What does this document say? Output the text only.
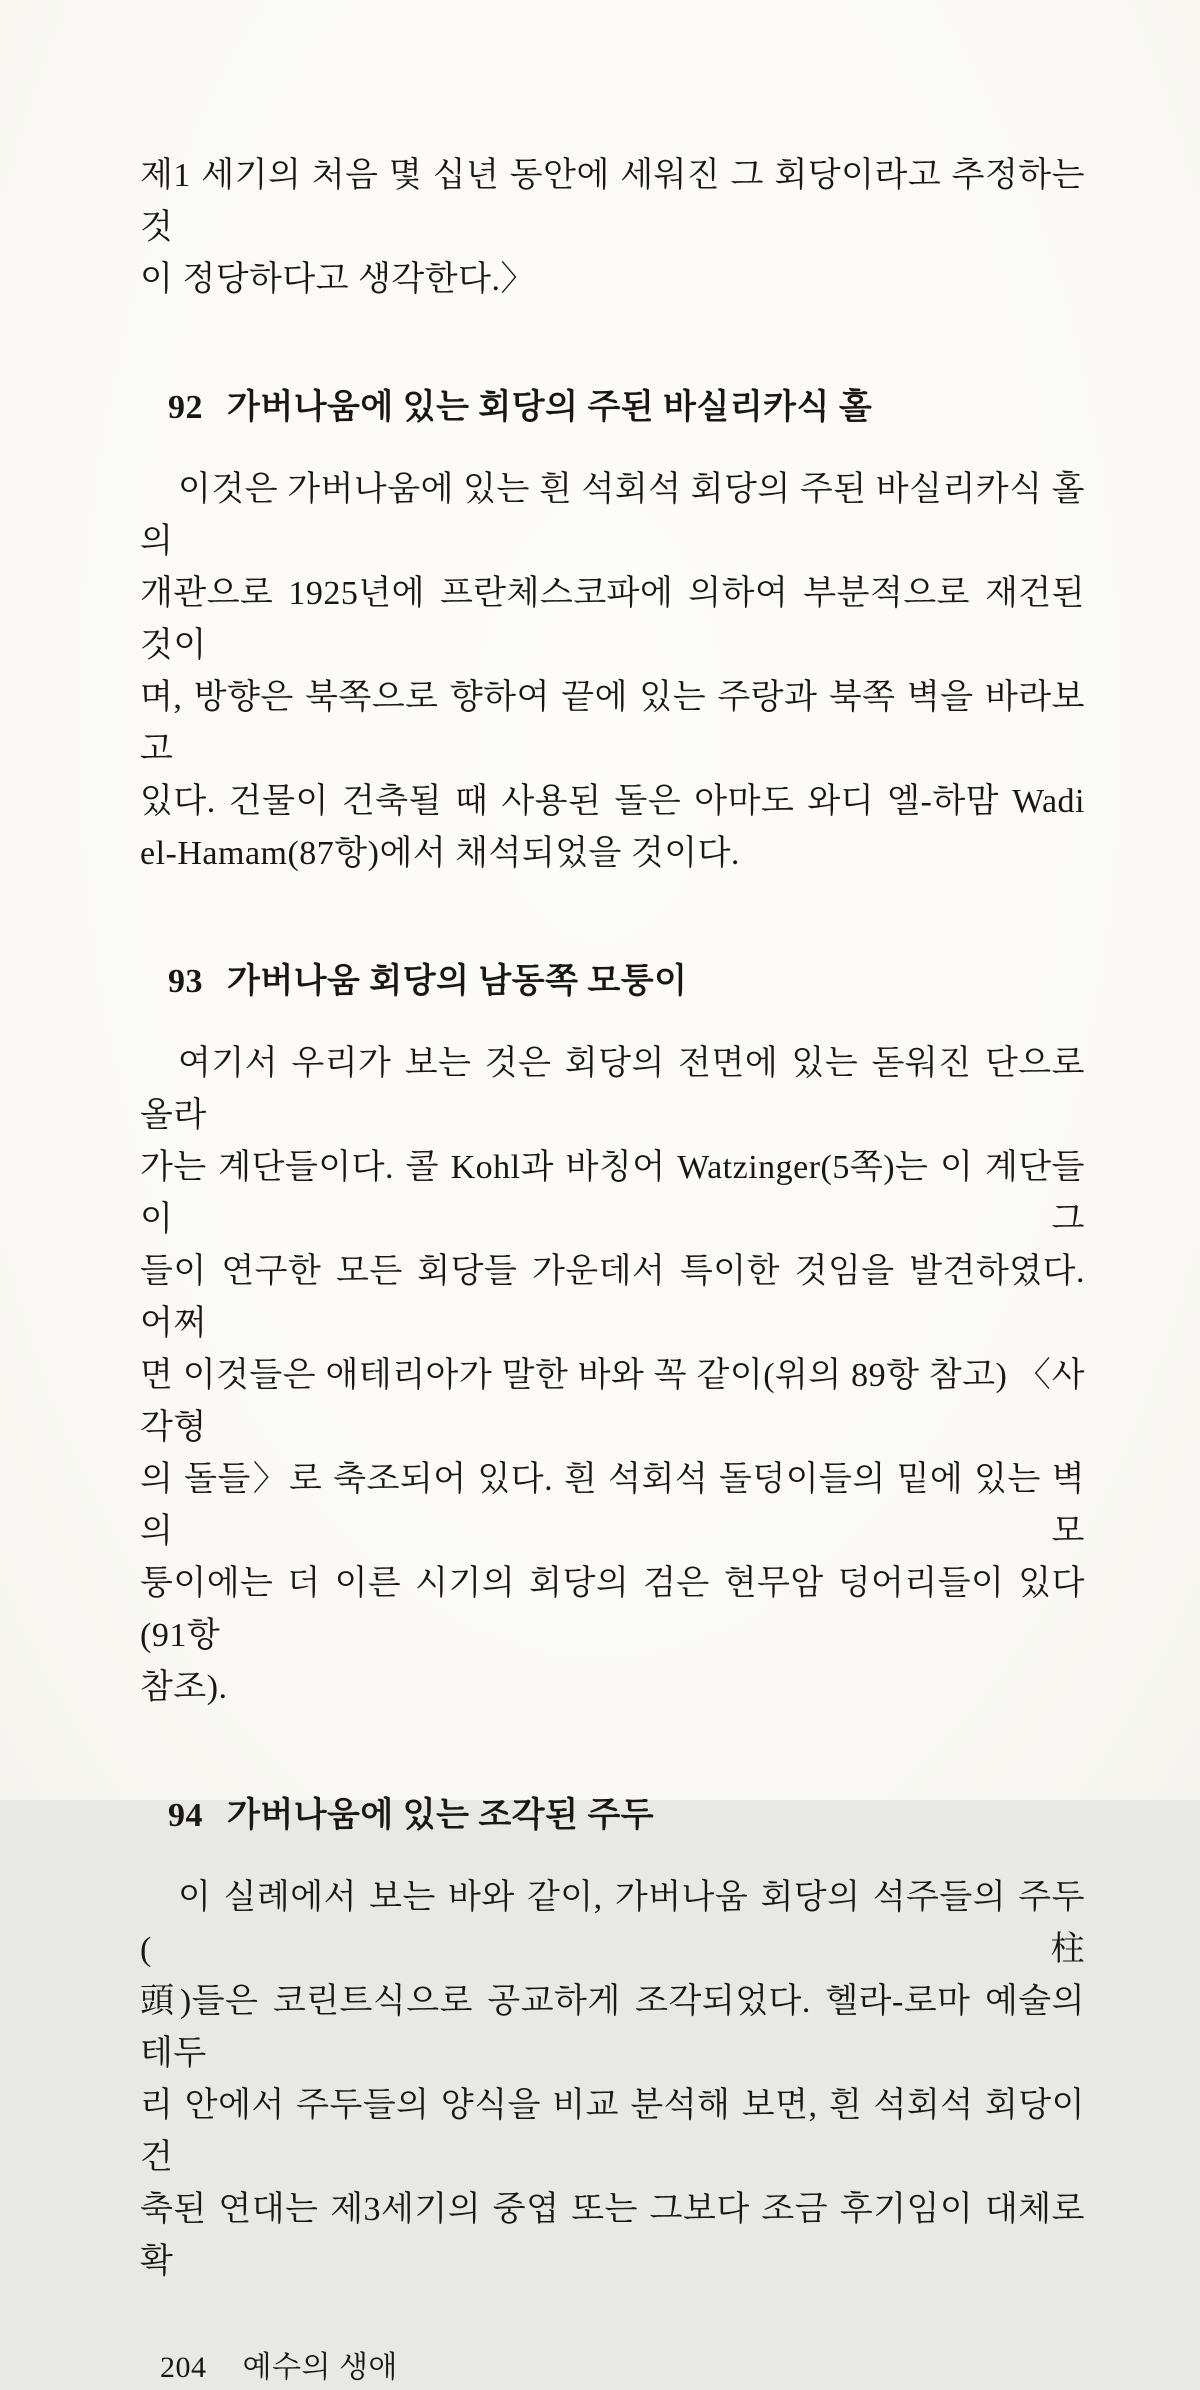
제1 세기의 처음 몇 십년 동안에 세워진 그 회당이라고 추정하는 것
이 정당하다고 생각한다.〉
92 가버나움에 있는 회당의 주된 바실리카식 홀
이것은 가버나움에 있는 흰 석회석 회당의 주된 바실리카식 홀의
개관으로 1925년에 프란체스코파에 의하여 부분적으로 재건된 것이
며, 방향은 북쪽으로 향하여 끝에 있는 주랑과 북쪽 벽을 바라보고
있다. 건물이 건축될 때 사용된 돌은 아마도 와디 엘-하맘 Wadi
el-Hamam(87항)에서 채석되었을 것이다.
93 가버나움 회당의 남동쪽 모퉁이
여기서 우리가 보는 것은 회당의 전면에 있는 돋워진 단으로 올라
가는 계단들이다. 콜 Kohl과 바칭어 Watzinger(5쪽)는 이 계단들이 그
들이 연구한 모든 회당들 가운데서 특이한 것임을 발견하였다. 어쩌
면 이것들은 애테리아가 말한 바와 꼭 같이(위의 89항 참고) 〈사각형
의 돌들〉로 축조되어 있다. 흰 석회석 돌덩이들의 밑에 있는 벽의 모
퉁이에는 더 이른 시기의 회당의 검은 현무암 덩어리들이 있다(91항
참조).
94 가버나움에 있는 조각된 주두
이 실례에서 보는 바와 같이, 가버나움 회당의 석주들의 주두(柱
頭)들은 코린트식으로 공교하게 조각되었다. 헬라-로마 예술의 테두
리 안에서 주두들의 양식을 비교 분석해 보면, 흰 석회석 회당이 건
축된 연대는 제3세기의 중엽 또는 그보다 조금 후기임이 대체로 확
204 예수의 생애
